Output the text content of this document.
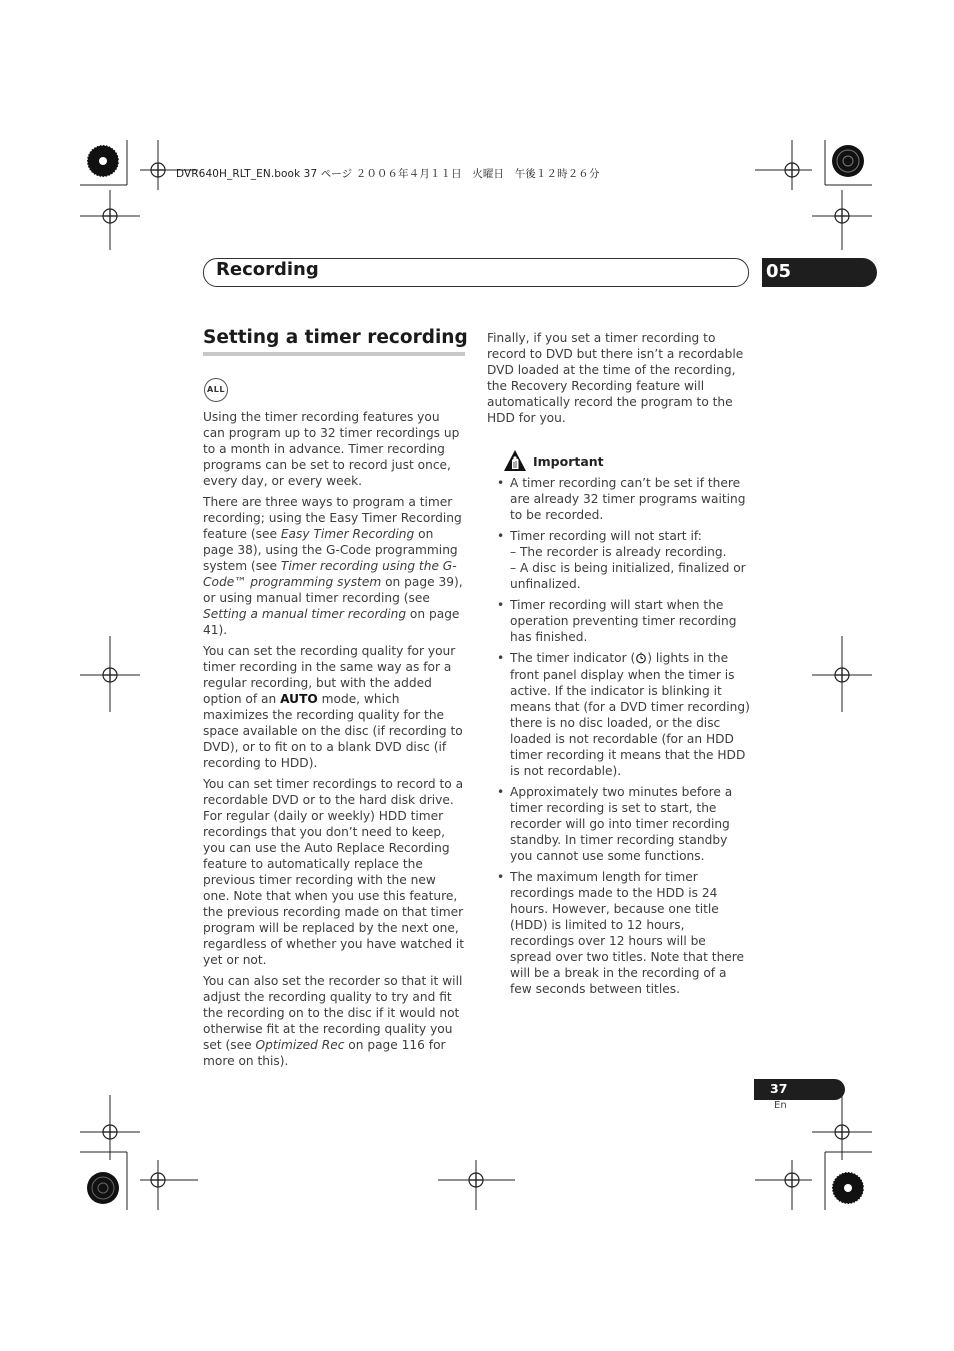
DVR640H_RLT_EN.book 37 ページ ２００６年４月１１日　火曜日　午後１２時２６分
Recording	05
Setting a timer recording
ALL

Using the timer recording features you can program up to 32 timer recordings up to a month in advance. Timer recording programs can be set to record just once, every day, or every week.

There are three ways to program a timer recording; using the Easy Timer Recording feature (see Easy Timer Recording on page 38), using the G-Code programming system (see Timer recording using the G-Code™ programming system on page 39), or using manual timer recording (see Setting a manual timer recording on page 41).

You can set the recording quality for your timer recording in the same way as for a regular recording, but with the added option of an AUTO mode, which maximizes the recording quality for the space available on the disc (if recording to DVD), or to fit on to a blank DVD disc (if recording to HDD).

You can set timer recordings to record to a recordable DVD or to the hard disk drive. For regular (daily or weekly) HDD timer recordings that you don’t need to keep, you can use the Auto Replace Recording feature to automatically replace the previous timer recording with the new one. Note that when you use this feature, the previous recording made on that timer program will be replaced by the next one, regardless of whether you have watched it yet or not.

You can also set the recorder so that it will adjust the recording quality to try and fit the recording on to the disc if it would not otherwise fit at the recording quality you set (see Optimized Rec on page 116 for more on this).

Finally, if you set a timer recording to record to DVD but there isn’t a recordable DVD loaded at the time of the recording, the Recovery Recording feature will automatically record the program to the HDD for you.

Important
• A timer recording can’t be set if there are already 32 timer programs waiting to be recorded.
• Timer recording will not start if:
– The recorder is already recording.
– A disc is being initialized, finalized or unfinalized.
• Timer recording will start when the operation preventing timer recording has finished.
• The timer indicator ( ) lights in the front panel display when the timer is active. If the indicator is blinking it means that (for a DVD timer recording) there is no disc loaded, or the disc loaded is not recordable (for an HDD timer recording it means that the HDD is not recordable).
• Approximately two minutes before a timer recording is set to start, the recorder will go into timer recording standby. In timer recording standby you cannot use some functions.
• The maximum length for timer recordings made to the HDD is 24 hours. However, because one title (HDD) is limited to 12 hours, recordings over 12 hours will be spread over two titles. Note that there will be a break in the recording of a few seconds between titles.
37
En
